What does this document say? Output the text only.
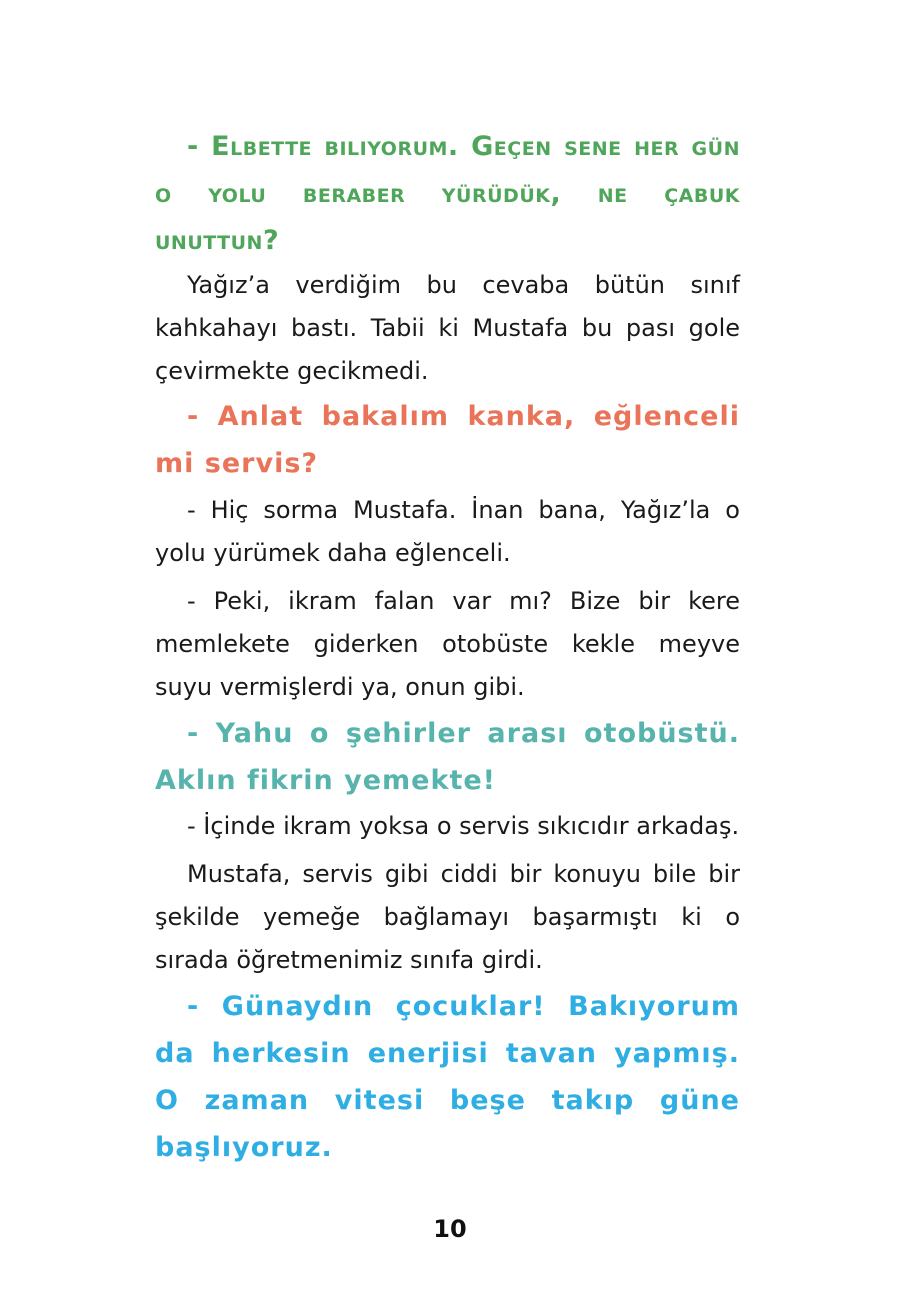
- Elbette biliyorum. Geçen sene her gün o yolu beraber yürüdük, ne çabuk unuttun?

Yağız’a verdiğim bu cevaba bütün sınıf kahkahayı bastı. Tabii ki Mustafa bu pası gole çevirmekte gecikmedi.

- Anlat bakalım kanka, eğlenceli mi servis?

- Hiç sorma Mustafa. İnan bana, Yağız’la o yolu yürümek daha eğlenceli.

- Peki, ikram falan var mı? Bize bir kere memlekete giderken otobüste kekle meyve suyu vermişlerdi ya, onun gibi.

- Yahu o şehirler arası otobüstü. Aklın fikrin yemekte!

- İçinde ikram yoksa o servis sıkıcıdır arkadaş.

Mustafa, servis gibi ciddi bir konuyu bile bir şekilde yemeğe bağlamayı başarmıştı ki o sırada öğretmenimiz sınıfa girdi.

- Günaydın çocuklar! Bakıyorum da herkesin enerjisi tavan yapmış. O zaman vitesi beşe takıp güne başlıyoruz.

10
